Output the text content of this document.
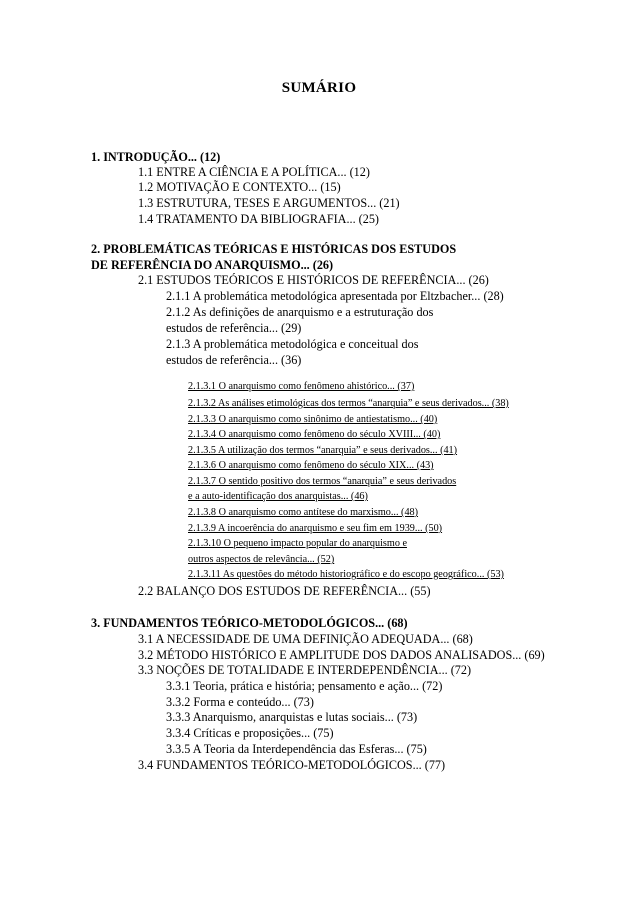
SUMÁRIO
1. INTRODUÇÃO... (12)
1.1 ENTRE A CIÊNCIA E A POLÍTICA... (12)
1.2 MOTIVAÇÃO E CONTEXTO... (15)
1.3 ESTRUTURA, TESES E ARGUMENTOS... (21)
1.4 TRATAMENTO DA BIBLIOGRAFIA... (25)
2. PROBLEMÁTICAS TEÓRICAS E HISTÓRICAS DOS ESTUDOS
DE REFERÊNCIA DO ANARQUISMO... (26)
2.1 ESTUDOS TEÓRICOS E HISTÓRICOS DE REFERÊNCIA... (26)
2.1.1 A problemática metodológica apresentada por Eltzbacher... (28)
2.1.2 As definições de anarquismo e a estruturação dos
estudos de referência... (29)
2.1.3 A problemática metodológica e conceitual dos
estudos de referência... (36)
2.1.3.1 O anarquismo como fenômeno ahistórico... (37)
2.1.3.2 As análises etimológicas dos termos “anarquia” e seus derivados... (38)
2.1.3.3 O anarquismo como sinônimo de antiestatismo... (40)
2.1.3.4 O anarquismo como fenômeno do século XVIII... (40)
2.1.3.5 A utilização dos termos “anarquia” e seus derivados... (41)
2.1.3.6 O anarquismo como fenômeno do século XIX... (43)
2.1.3.7 O sentido positivo dos termos “anarquia” e seus derivados
e a auto-identificação dos anarquistas... (46)
2.1.3.8 O anarquismo como antítese do marxismo... (48)
2.1.3.9 A incoerência do anarquismo e seu fim em 1939... (50)
2.1.3.10 O pequeno impacto popular do anarquismo e
outros aspectos de relevância... (52)
2.1.3.11 As questões do método historiográfico e do escopo geográfico... (53)
2.2 BALANÇO DOS ESTUDOS DE REFERÊNCIA... (55)
3. FUNDAMENTOS TEÓRICO-METODOLÓGICOS... (68)
3.1 A NECESSIDADE DE UMA DEFINIÇÃO ADEQUADA... (68)
3.2 MÉTODO HISTÓRICO E AMPLITUDE DOS DADOS ANALISADOS... (69)
3.3 NOÇÕES DE TOTALIDADE E INTERDEPENDÊNCIA... (72)
3.3.1 Teoria, prática e história; pensamento e ação... (72)
3.3.2 Forma e conteúdo... (73)
3.3.3 Anarquismo, anarquistas e lutas sociais... (73)
3.3.4 Críticas e proposições... (75)
3.3.5 A Teoria da Interdependência das Esferas... (75)
3.4 FUNDAMENTOS TEÓRICO-METODOLÓGICOS... (77)
